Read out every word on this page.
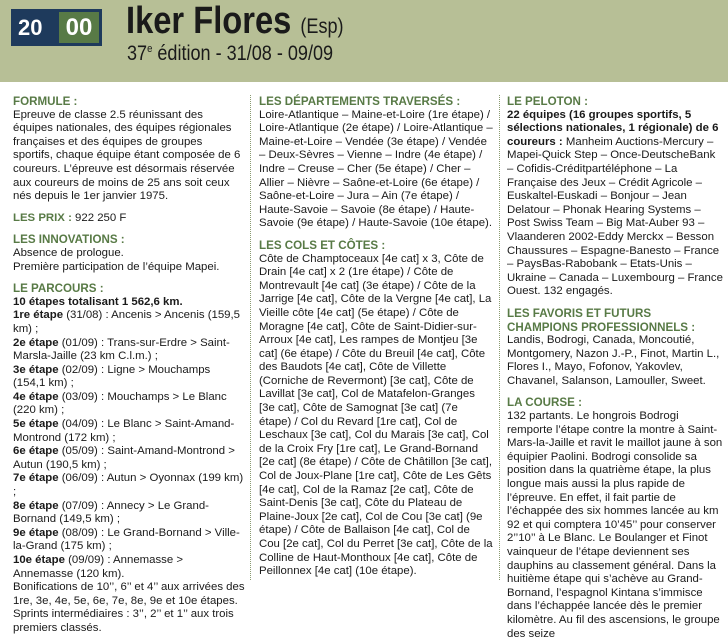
20 00 Iker Flores (Esp)
37e édition - 31/08 - 09/09

FORMULE :

Epreuve de classe 2.5 réunissant des équipes nationales, des équipes régionales françaises et des équipes de groupes sportifs, chaque équipe étant composée de 6 coureurs. L’épreuve est désormais réservée aux coureurs de moins de 25 ans soit ceux nés depuis le 1er janvier 1975.

LES PRIX : 922 250 F

LES INNOVATIONS :

Absence de prologue.

Première participation de l’équipe Mapei.

LE PARCOURS :

10 étapes totalisant 1 562,6 km.

1re étape (31/08) : Ancenis > Ancenis (159,5 km) ;

2e étape (01/09) : Trans-sur-Erdre > Saint-Marsla-Jaille (23 km C.l.m.) ;

3e étape (02/09) : Ligne > Mouchamps (154,1 km) ;

4e étape (03/09) : Mouchamps > Le Blanc (220 km) ;

5e étape (04/09) : Le Blanc > Saint-Amand-Montrond (172 km) ;

6e étape (05/09) : Saint-Amand-Montrond > Autun (190,5 km) ;

7e étape (06/09) : Autun > Oyonnax (199 km) ;

8e étape (07/09) : Annecy > Le Grand-Bornand (149,5 km) ;

9e étape (08/09) : Le Grand-Bornand > Ville-la-Grand (175 km) ;

10e étape (09/09) : Annemasse > Annemasse (120 km).

Bonifications de 10’’, 6’’ et 4’’ aux arrivées des 1re, 3e, 4e, 5e, 6e, 7e, 8e, 9e et 10e étapes.

Sprints intermédiaires : 3’’, 2’’ et 1’’ aux trois premiers classés.

LES DÉPARTEMENTS TRAVERSÉS :

Loire-Atlantique – Maine-et-Loire (1re étape) / Loire-Atlantique (2e étape) / Loire-Atlantique – Maine-et-Loire – Vendée (3e étape) / Vendée – Deux-Sèvres – Vienne – Indre (4e étape) / Indre – Creuse – Cher (5e étape) / Cher – Allier – Nièvre – Saône-et-Loire (6e étape) / Saône-et-Loire – Jura – Ain (7e étape) / Haute-Savoie – Savoie (8e étape) / Haute-Savoie (9e étape) / Haute-Savoie (10e étape).

LES COLS ET CÔTES :

Côte de Champtoceaux [4e cat] x 3, Côte de Drain [4e cat] x 2 (1re étape) / Côte de Montrevault [4e cat] (3e étape) / Côte de la Jarrige [4e cat], Côte de la Vergne [4e cat], La Vieille côte [4e cat] (5e étape) / Côte de Moragne [4e cat], Côte de Saint-Didier-sur-Arroux [4e cat], Les rampes de Montjeu [3e cat] (6e étape) / Côte du Breuil [4e cat], Côte des Baudots [4e cat], Côte de Villette (Corniche de Revermont) [3e cat], Côte de Lavillat [3e cat], Col de Matafelon-Granges [3e cat], Côte de Samognat [3e cat] (7e étape) / Col du Revard [1re cat], Col de Leschaux [3e cat], Col du Marais [3e cat], Col de la Croix Fry [1re cat], Le Grand-Bornand [2e cat] (8e étape) / Côte de Châtillon [3e cat], Col de Joux-Plane [1re cat], Côte de Les Gêts [4e cat], Col de la Ramaz [2e cat], Côte de Saint-Denis [3e cat], Côte du Plateau de Plaine-Joux [2e cat], Col de Cou [3e cat] (9e étape) / Côte de Ballaison [4e cat], Col de Cou [2e cat], Col du Perret [3e cat], Côte de la Colline de Haut-Monthoux [4e cat], Côte de Peillonnex [4e cat] (10e étape).

LE PELOTON :

22 équipes (16 groupes sportifs, 5 sélections nationales, 1 régionale) de 6 coureurs : Manheim Auctions-Mercury – Mapei-Quick Step – Once-DeutscheBank – Cofidis-Créditpartéléphone – La Française des Jeux – Crédit Agricole – Euskaltel-Euskadi – Bonjour – Jean Delatour – Phonak Hearing Systems – Post Swiss Team – Big Mat-Auber 93 – Vlaanderen 2002-Eddy Merckx – Besson Chaussures – Espagne-Banesto – France – PaysBas-Rabobank – Etats-Unis – Ukraine – Canada – Luxembourg – France Ouest. 132 engagés.

LES FAVORIS ET FUTURS CHAMPIONS PROFESSIONNELS :

Landis, Bodrogi, Canada, Moncoutié, Montgomery, Nazon J.-P., Finot, Martin L., Flores I., Mayo, Fofonov, Yakovlev, Chavanel, Salanson, Lamouller, Sweet.

LA COURSE :

132 partants. Le hongrois Bodrogi remporte l’étape contre la montre à Saint-Mars-la-Jaille et ravit le maillot jaune à son équipier Paolini. Bodrogi consolide sa position dans la quatrième étape, la plus longue mais aussi la plus rapide de l’épreuve. En effet, il fait partie de l’échappée des six hommes lancée au km 92 et qui comptera 10’45’’ pour conserver 2’’10’’ à Le Blanc. Le Boulanger et Finot vainqueur de l’étape deviennent ses dauphins au classement général. Dans la huitième étape qui s’achève au Grand-Bornand, l’espagnol Kintana s’immisce dans l’échappée lancée dès le premier kilomètre. Au fil des ascensions, le groupe des seize
